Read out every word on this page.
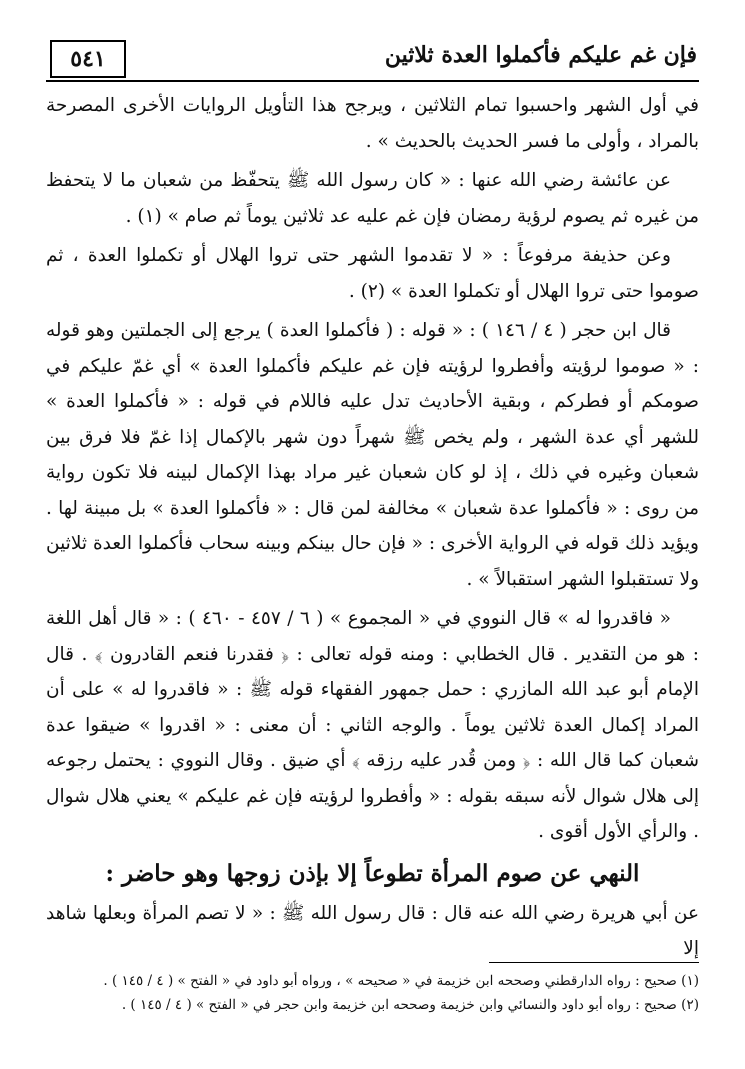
٥٤١	فإن غم عليكم فأكملوا العدة ثلاثين

في أول الشهر واحسبوا تمام الثلاثين ، ويرجح هذا التأويل الروايات الأخرى المصرحة بالمراد ، وأولى ما فسر الحديث بالحديث » .

عن عائشة رضي الله عنها : « كان رسول الله ﷺ يتحفّظ من شعبان ما لا يتحفظ من غيره ثم يصوم لرؤية رمضان فإن غم عليه عد ثلاثين يوماً ثم صام » (١) .

وعن حذيفة مرفوعاً : « لا تقدموا الشهر حتى تروا الهلال أو تكملوا العدة ، ثم صوموا حتى تروا الهلال أو تكملوا العدة » (٢) .

قال ابن حجر ( ٤ / ١٤٦ ) : « قوله : ( فأكملوا العدة ) يرجع إلى الجملتين وهو قوله : « صوموا لرؤيته وأفطروا لرؤيته فإن غم عليكم فأكملوا العدة » أي غمّ عليكم في صومكم أو فطركم ، وبقية الأحاديث تدل عليه فاللام في قوله : « فأكملوا العدة » للشهر أي عدة الشهر ، ولم يخص ﷺ شهراً دون شهر بالإكمال إذا غمّ فلا فرق بين شعبان وغيره في ذلك ، إذ لو كان شعبان غير مراد بهذا الإكمال لبينه فلا تكون رواية من روى : « فأكملوا عدة شعبان » مخالفة لمن قال : « فأكملوا العدة » بل مبينة لها . ويؤيد ذلك قوله في الرواية الأخرى : « فإن حال بينكم وبينه سحاب فأكملوا العدة ثلاثين ولا تستقبلوا الشهر استقبالاً » .

« فاقدروا له » قال النووي في « المجموع » ( ٦ / ٤٥٧ - ٤٦٠ ) : « قال أهل اللغة : هو من التقدير . قال الخطابي : ومنه قوله تعالى : ﴿ فقدرنا فنعم القادرون ﴾ . قال الإمام أبو عبد الله المازري : حمل جمهور الفقهاء قوله ﷺ : « فاقدروا له » على أن المراد إكمال العدة ثلاثين يوماً . والوجه الثاني : أن معنى : « اقدروا » ضيقوا عدة شعبان كما قال الله : ﴿ ومن قُدر عليه رزقه ﴾ أي ضيق . وقال النووي : يحتمل رجوعه إلى هلال شوال لأنه سبقه بقوله : « وأفطروا لرؤيته فإن غم عليكم » يعني هلال شوال . والرأي الأول أقوى .

النهي عن صوم المرأة تطوعاً إلا بإذن زوجها وهو حاضر :

عن أبي هريرة رضي الله عنه قال : قال رسول الله ﷺ : « لا تصم المرأة وبعلها شاهد إلا

(١) صحيح : رواه الدارقطني وصححه ابن خزيمة في « صحيحه » ، ورواه أبو داود في « الفتح » ( ٤ / ١٤٥ ) .

(٢) صحيح : رواه أبو داود والنسائي وابن خزيمة وصححه ابن خزيمة وابن حجر في « الفتح » ( ٤ / ١٤٥ ) .
